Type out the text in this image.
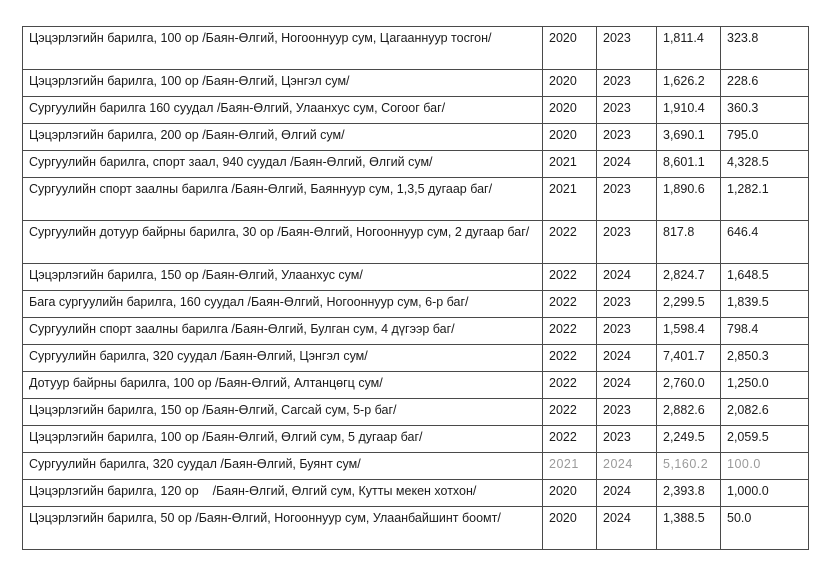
Цэцэрлэгийн барилга, 100 ор /Баян-Өлгий, Ногооннуур сум, Цагааннуур тосгон/	2020	2023	1,811.4	323.8
Цэцэрлэгийн барилга, 100 ор /Баян-Өлгий, Цэнгэл сум/	2020	2023	1,626.2	228.6
Сургуулийн барилга 160 суудал /Баян-Өлгий, Улаанхус сум, Согоог баг/	2020	2023	1,910.4	360.3
Цэцэрлэгийн барилга, 200 ор /Баян-Өлгий, Өлгий сум/	2020	2023	3,690.1	795.0
Сургуулийн барилга, спорт заал, 940 суудал /Баян-Өлгий, Өлгий сум/	2021	2024	8,601.1	4,328.5
Сургуулийн спорт заалны барилга /Баян-Өлгий, Баяннуур сум, 1,3,5 дугаар баг/	2021	2023	1,890.6	1,282.1
Сургуулийн дотуур байрны барилга, 30 ор /Баян-Өлгий, Ногооннуур сум, 2 дугаар баг/	2022	2023	817.8	646.4
Цэцэрлэгийн барилга, 150 ор /Баян-Өлгий, Улаанхус сум/	2022	2024	2,824.7	1,648.5
Бага сургуулийн барилга, 160 суудал /Баян-Өлгий, Ногооннуур сум, 6-р баг/	2022	2023	2,299.5	1,839.5
Сургуулийн спорт заалны барилга /Баян-Өлгий, Булган сум, 4 дүгээр баг/	2022	2023	1,598.4	798.4
Сургуулийн барилга, 320 суудал /Баян-Өлгий, Цэнгэл сум/	2022	2024	7,401.7	2,850.3
Дотуур байрны барилга, 100 ор /Баян-Өлгий, Алтанцөгц сум/	2022	2024	2,760.0	1,250.0
Цэцэрлэгийн барилга, 150 ор /Баян-Өлгий, Сагсай сум, 5-р баг/	2022	2023	2,882.6	2,082.6
Цэцэрлэгийн барилга, 100 ор /Баян-Өлгий, Өлгий сум, 5 дугаар баг/	2022	2023	2,249.5	2,059.5
Сургуулийн барилга, 320 суудал /Баян-Өлгий, Буянт сум/	2021	2024	5,160.2	100.0
Цэцэрлэгийн барилга, 120 ор    /Баян-Өлгий, Өлгий сум, Кутты мекен хотхон/	2020	2024	2,393.8	1,000.0
Цэцэрлэгийн барилга, 50 ор /Баян-Өлгий, Ногооннуур сум, Улаанбайшинт боомт/	2020	2024	1,388.5	50.0
